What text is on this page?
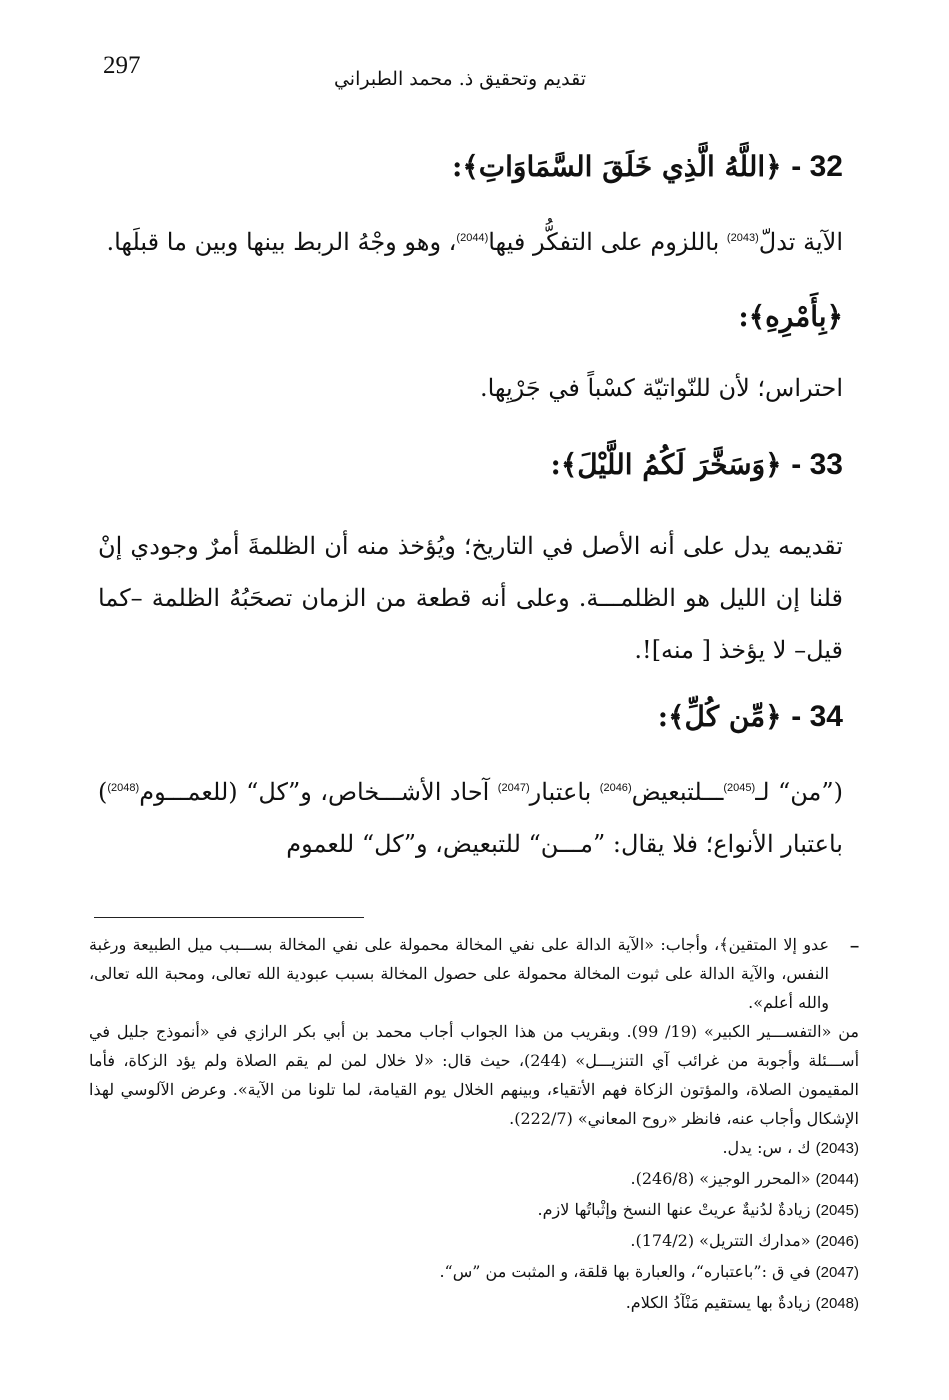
297	تقديم وتحقيق ذ. محمد الطبراني
32 - ﴿اللَّهُ الَّذِي خَلَقَ السَّمَاوَاتِ﴾:
الآية تدلّ$^{(2043)}$ باللزوم على التفكُّر فيها$^{(2044)}$، وهو وجْهُ الربط بينها وبين ما قبلَها.
﴿بِأَمْرِهِ﴾:
احتراس؛ لأن للنّواتيّة كسْباً في جَرْيِها.
33 - ﴿وَسَخَّرَ لَكُمُ اللَّيْلَ﴾:
تقديمه يدل على أنه الأصل في التاريخ؛ ويُؤخذ منه أن الظلمةَ أمرٌ وجودي إنْ قلنا إن الليل هو الظلمـــة. وعلى أنه قطعة من الزمان تصحَبُهُ الظلمة –كما قيل– لا يؤخذ [ منه]!.
34 - ﴿مِّن كُلِّ﴾:
(”من“ لـ$^{(2045)}$ـــلتبعيض$^{(2046)}$ باعتبار$^{(2047)}$ آحاد الأشـــخاص، و”كل“ (للعمـــوم$^{(2048)}$) باعتبار الأنواع؛ فلا يقال: ”مـــن“ للتبعيض، و”كل“ للعموم
–
عدو إلا المتقين﴾، وأجاب: «الآية الدالة على نفي المخالة محمولة على نفي المخالة بســـبب ميل الطبيعة ورغبة النفس، والآية الدالة على ثبوت المخالة محمولة على حصول المخالة بسبب عبودية الله تعالى، ومحبة الله تعالى، والله أعلم».
من «التفســـير الكبير» (19/ 99). وبقريب من هذا الجواب أجاب محمد بن أبي بكر الرازي في «أنموذج جليل في أســـئلة وأجوبة من غرائب آي التنزيـــل» (244)، حيث قال: «لا خلال لمن لم يقم الصلاة ولم يؤد الزكاة، فأما المقيمون الصلاة، والمؤتون الزكاة فهم الأتقياء، وبينهم الخلال يوم القيامة، لما تلونا من الآية». وعرض الآلوسي لهذا الإشكال وأجاب عنه، فانظر «روح المعاني» (222/7).
(2043) ك ، س: يدل.
(2044) «المحرر الوجيز» (246/8).
(2045) زيادةٌ لدُنيةٌ عريتْ عنها النسخ وإثْباتُها لازم.
(2046) «مدارك التتريل» (174/2).
(2047) في ق :”باعتباره“، والعبارة بها قلقة، و المثبت من ”س“.
(2048) زيادةٌ بها يستقيم مَنْآدُ الكلام.
